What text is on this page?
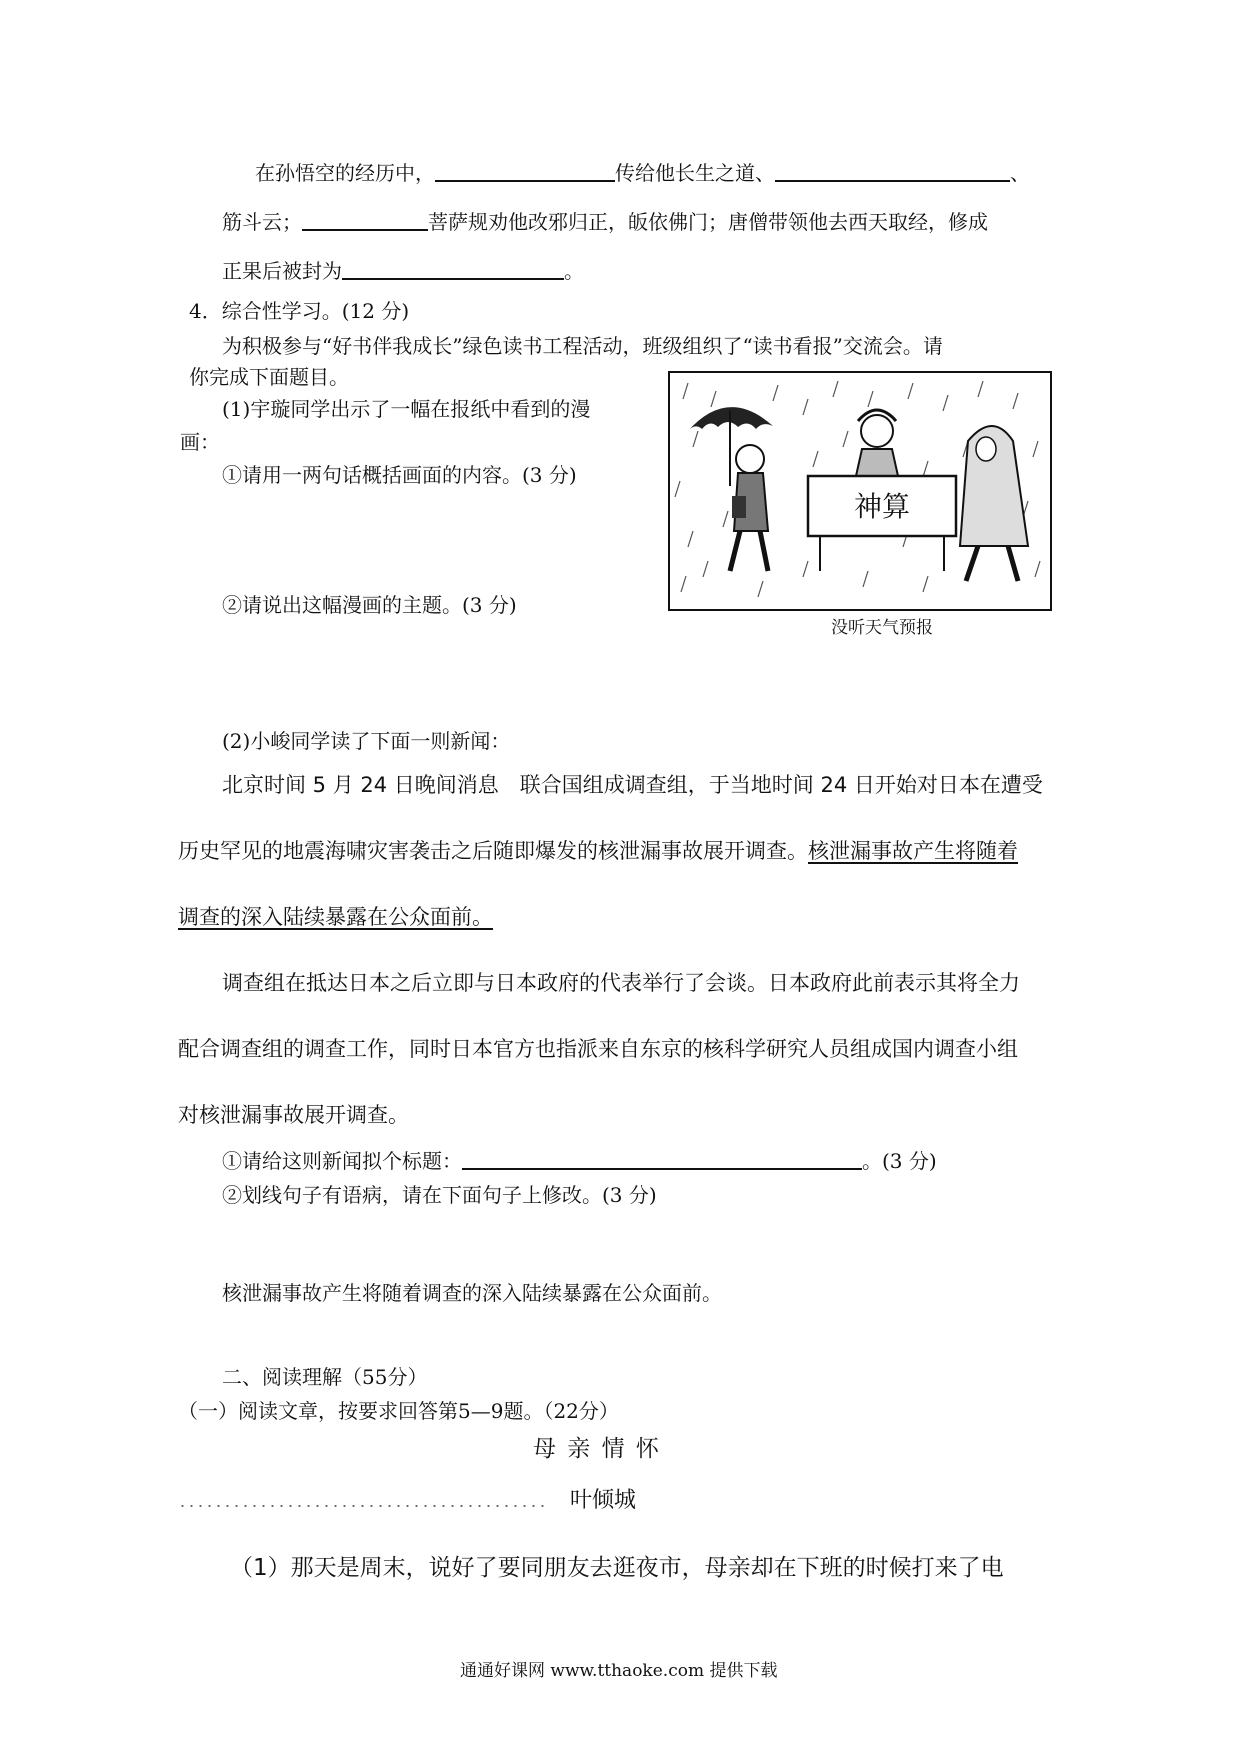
在孙悟空的经历中，	传给他长生之道、	、
筋斗云；	菩萨规劝他改邪归正，皈依佛门；唐僧带领他去西天取经，修成
正果后被封为	。
4．综合性学习。(12 分)
为积极参与“好书伴我成长”绿色读书工程活动，班级组织了“读书看报”交流会。请
你完成下面题目。
(1)宇璇同学出示了一幅在报纸中看到的漫
画：
①请用一两句话概括画面的内容。(3 分)
②请说出这幅漫画的主题。(3 分)
神算
没听天气预报
(2)小峻同学读了下面一则新闻：
北京时间 5 月 24 日晚间消息　联合国组成调查组，于当地时间 24 日开始对日本在遭受
历史罕见的地震海啸灾害袭击之后随即爆发的核泄漏事故展开调查。核泄漏事故产生将随着
调查的深入陆续暴露在公众面前。
调查组在抵达日本之后立即与日本政府的代表举行了会谈。日本政府此前表示其将全力
配合调查组的调查工作，同时日本官方也指派来自东京的核科学研究人员组成国内调查小组
对核泄漏事故展开调查。
①请给这则新闻拟个标题：	。(3 分)
②划线句子有语病，请在下面句子上修改。(3 分)
核泄漏事故产生将随着调查的深入陆续暴露在公众面前。
二、阅读理解（55分）
（一）阅读文章，按要求回答第5—9题。（22分）
母 亲 情 怀
叶倾城
（1）那天是周末，说好了要同朋友去逛夜市，母亲却在下班的时候打来了电
通通好课网 www.tthaoke.com 提供下载
